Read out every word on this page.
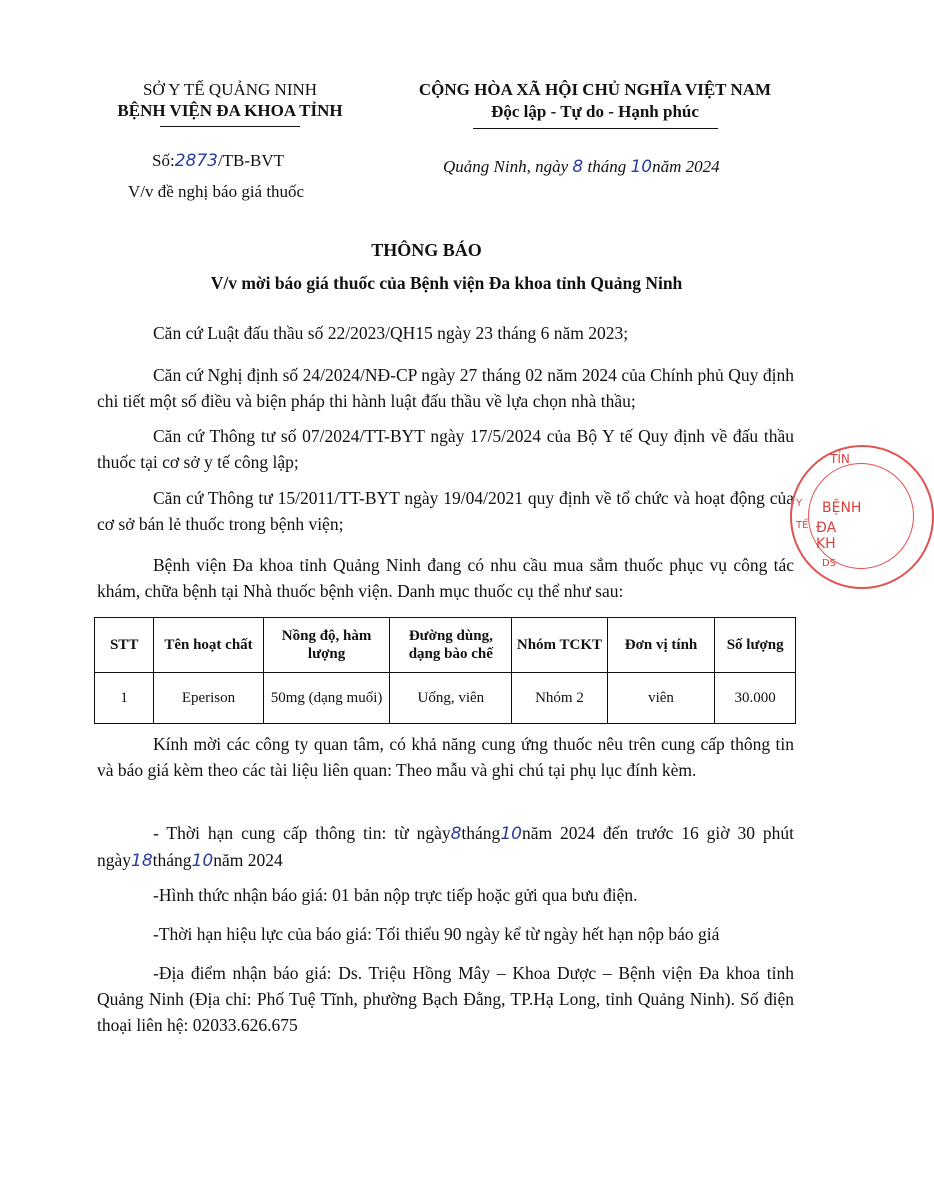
SỞ Y TẾ QUẢNG NINH
BỆNH VIỆN ĐA KHOA TỈNH
CỘNG HÒA XÃ HỘI CHỦ NGHĨA VIỆT NAM
Độc lập - Tự do - Hạnh phúc
Số:2873/TB-BVT
V/v đề nghị báo giá thuốc
Quảng Ninh, ngày 8 tháng 10năm 2024
THÔNG BÁO
V/v mời báo giá thuốc của Bệnh viện Đa khoa tỉnh Quảng Ninh

Căn cứ Luật đấu thầu số 22/2023/QH15 ngày 23 tháng 6 năm 2023;

Căn cứ Nghị định số 24/2024/NĐ-CP ngày 27 tháng 02 năm 2024 của Chính phủ Quy định chi tiết một số điều và biện pháp thi hành luật đấu thầu về lựa chọn nhà thầu;

Căn cứ Thông tư số 07/2024/TT-BYT ngày 17/5/2024 của Bộ Y tế Quy định về đấu thầu thuốc tại cơ sở y tế công lập;

Căn cứ Thông tư 15/2011/TT-BYT ngày 19/04/2021 quy định về tổ chức và hoạt động của cơ sở bán lẻ thuốc trong bệnh viện;

Bệnh viện Đa khoa tỉnh Quảng Ninh đang có nhu cầu mua sắm thuốc phục vụ công tác khám, chữa bệnh tại Nhà thuốc bệnh viện. Danh mục thuốc cụ thể như sau:

STT	Tên hoạt chất	Nồng độ, hàm lượng	Đường dùng, dạng bào chế	Nhóm TCKT	Đơn vị tính	Số lượng
1	Eperison	50mg (dạng muối)	Uống, viên	Nhóm 2	viên	30.000

Kính mời các công ty quan tâm, có khả năng cung ứng thuốc nêu trên cung cấp thông tin và báo giá kèm theo các tài liệu liên quan: Theo mẫu và ghi chú tại phụ lục đính kèm.

- Thời hạn cung cấp thông tin: từ ngày8tháng10năm 2024 đến trước 16 giờ 30 phút ngày18tháng10năm 2024

-Hình thức nhận báo giá: 01 bản nộp trực tiếp hoặc gửi qua bưu điện.

-Thời hạn hiệu lực của báo giá: Tối thiểu 90 ngày kể từ ngày hết hạn nộp báo giá

-Địa điểm nhận báo giá: Ds. Triệu Hồng Mây – Khoa Dược – Bệnh viện Đa khoa tỉnh Quảng Ninh (Địa chỉ: Phố Tuệ Tĩnh, phường Bạch Đằng, TP.Hạ Long, tỉnh Quảng Ninh). Số điện thoại liên hệ: 02033.626.675

TỈN
BỆNH
ĐA KH
Y
TẾ
DS
